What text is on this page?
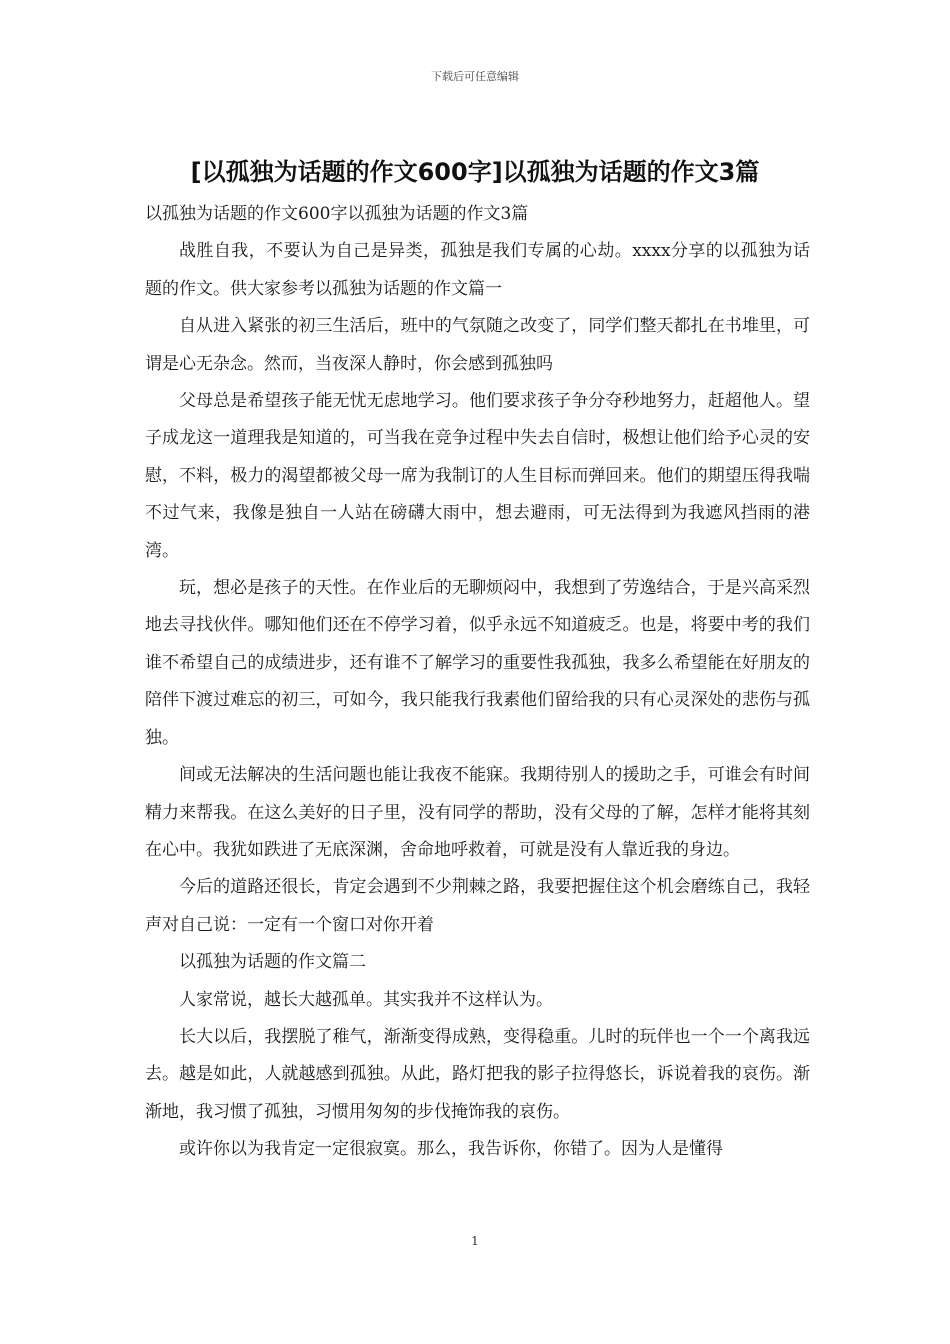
下载后可任意编辑
[以孤独为话题的作文600字]以孤独为话题的作文3篇

以孤独为话题的作文600字以孤独为话题的作文3篇

战胜自我，不要认为自己是异类，孤独是我们专属的心劫。xxxx分享的以孤独为话题的作文。供大家参考以孤独为话题的作文篇一

自从进入紧张的初三生活后，班中的气氛随之改变了，同学们整天都扎在书堆里，可谓是心无杂念。然而，当夜深人静时，你会感到孤独吗

父母总是希望孩子能无忧无虑地学习。他们要求孩子争分夺秒地努力，赶超他人。望子成龙这一道理我是知道的，可当我在竞争过程中失去自信时，极想让他们给予心灵的安慰，不料，极力的渴望都被父母一席为我制订的人生目标而弹回来。他们的期望压得我喘不过气来，我像是独自一人站在磅礴大雨中，想去避雨，可无法得到为我遮风挡雨的港湾。

玩，想必是孩子的天性。在作业后的无聊烦闷中，我想到了劳逸结合，于是兴高采烈地去寻找伙伴。哪知他们还在不停学习着，似乎永远不知道疲乏。也是，将要中考的我们谁不希望自己的成绩进步，还有谁不了解学习的重要性我孤独，我多么希望能在好朋友的陪伴下渡过难忘的初三，可如今，我只能我行我素他们留给我的只有心灵深处的悲伤与孤独。

间或无法解决的生活问题也能让我夜不能寐。我期待别人的援助之手，可谁会有时间精力来帮我。在这么美好的日子里，没有同学的帮助，没有父母的了解，怎样才能将其刻在心中。我犹如跌进了无底深渊，舍命地呼救着，可就是没有人靠近我的身边。

今后的道路还很长，肯定会遇到不少荆棘之路，我要把握住这个机会磨练自己，我轻声对自己说：一定有一个窗口对你开着

以孤独为话题的作文篇二

人家常说，越长大越孤单。其实我并不这样认为。

长大以后，我摆脱了稚气，渐渐变得成熟，变得稳重。儿时的玩伴也一个一个离我远去。越是如此，人就越感到孤独。从此，路灯把我的影子拉得悠长，诉说着我的哀伤。渐渐地，我习惯了孤独，习惯用匆匆的步伐掩饰我的哀伤。

或许你以为我肯定一定很寂寞。那么，我告诉你，你错了。因为人是懂得

1
